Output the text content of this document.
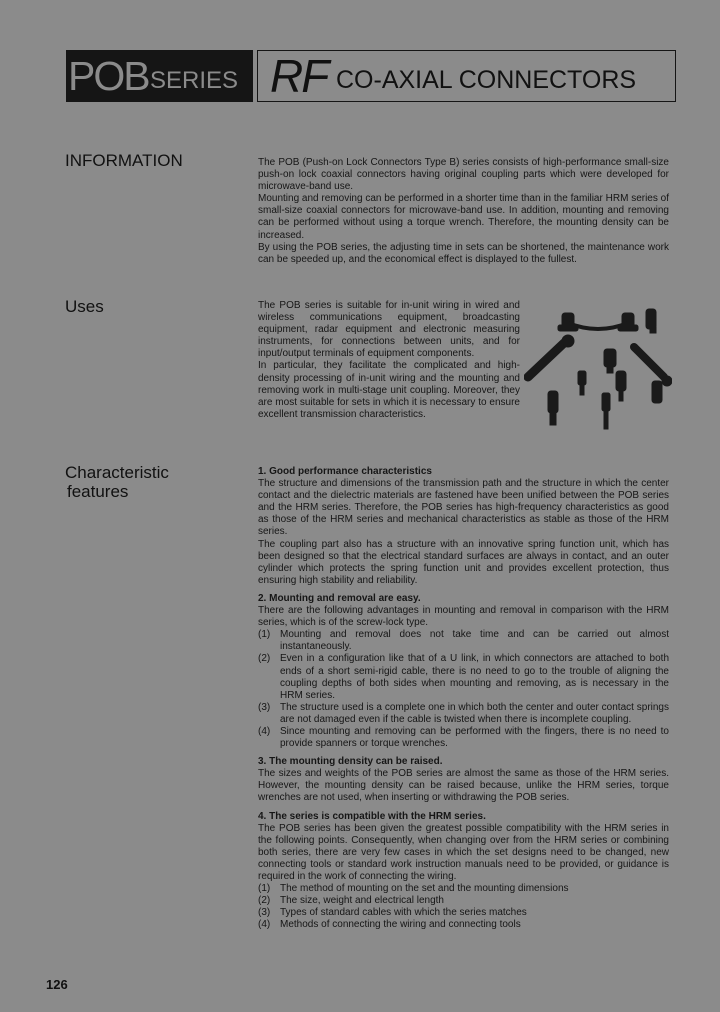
POB SERIES RF CO-AXIAL CONNECTORS
INFORMATION	The POB (Push-on Lock Connectors Type B) series consists of high-performance small-size push-on lock coaxial connectors having original coupling parts which were developed for microwave-band use.

Mounting and removing can be performed in a shorter time than in the familiar HRM series of small-size coaxial connectors for microwave-band use. In addition, mounting and removing can be performed without using a torque wrench. Therefore, the mounting density can be increased.

By using the POB series, the adjusting time in sets can be shortened, the maintenance work can be speeded up, and the economical effect is displayed to the fullest.

Uses	The POB series is suitable for in-unit wiring in wired and wireless communications equipment, broadcasting equipment, radar equipment and electronic measuring instruments, for connections between units, and for input/output terminals of equipment components.

In particular, they facilitate the complicated and high-density processing of in-unit wiring and the mounting and removing work in multi-stage unit coupling. Moreover, they are most suitable for sets in which it is necessary to ensure excellent transmission characteristics.

Characteristic
features

1. Good performance characteristics

The structure and dimensions of the transmission path and the structure in which the center contact and the dielectric materials are fastened have been unified between the POB series and the HRM series. Therefore, the POB series has high-frequency characteristics as good as those of the HRM series and mechanical characteristics as stable as those of the HRM series.

The coupling part also has a structure with an innovative spring function unit, which has been designed so that the electrical standard surfaces are always in contact, and an outer cylinder which protects the spring function unit and provides excellent protection, thus ensuring high stability and reliability.

2. Mounting and removal are easy.

There are the following advantages in mounting and removal in comparison with the HRM series, which is of the screw-lock type.

(1) Mounting and removal does not take time and can be carried out almost instantaneously.
(2) Even in a configuration like that of a U link, in which connectors are attached to both ends of a short semi-rigid cable, there is no need to go to the trouble of aligning the coupling depths of both sides when mounting and removing, as is necessary in the HRM series.
(3) The structure used is a complete one in which both the center and outer contact springs are not damaged even if the cable is twisted when there is incomplete coupling.
(4) Since mounting and removing can be performed with the fingers, there is no need to provide spanners or torque wrenches.

3. The mounting density can be raised.

The sizes and weights of the POB series are almost the same as those of the HRM series. However, the mounting density can be raised because, unlike the HRM series, torque wrenches are not used, when inserting or withdrawing the POB series.

4. The series is compatible with the HRM series.

The POB series has been given the greatest possible compatibility with the HRM series in the following points. Consequently, when changing over from the HRM series or combining both series, there are very few cases in which the set designs need to be changed, new connecting tools or standard work instruction manuals need to be provided, or guidance is required in the work of connecting the wiring.

(1) The method of mounting on the set and the mounting dimensions
(2) The size, weight and electrical length
(3) Types of standard cables with which the series matches
(4) Methods of connecting the wiring and connecting tools
126
